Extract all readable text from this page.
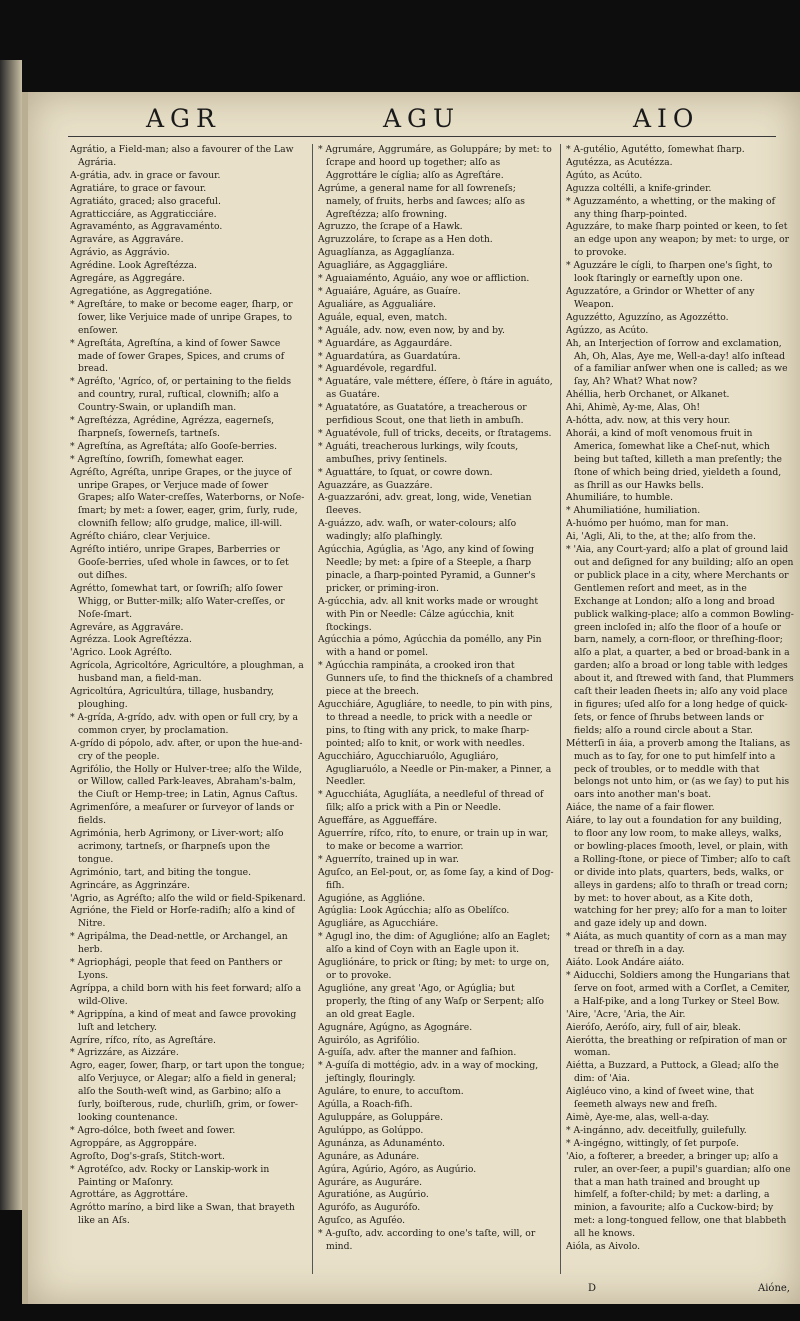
AGR	AGU	AIO

Agrátio, a Field-man; also a favourer of the Law Agrária.

A-grátia, adv. in grace or favour.

Agratiáre, to grace or favour.

Agratiáto, graced; also graceful.

Agratticciáre, as Aggraticciáre.

Agravaménto, as Aggravaménto.

Agraváre, as Aggraváre.

Agrávio, as Aggrávio.

Agrédine. Look Agreſtézza.

Agregáre, as Aggregáre.

Agregatióne, as Aggregatióne.

* Agreſtáre, to make or become eager, ſharp, or ſower, like Verjuice made of unripe Grapes, to enſower.

* Agreſtáta, Agreſtína, a kind of ſower Sawce made of ſower Grapes, Spices, and crums of bread.

* Agréſto, 'Agríco, of, or pertaining to the fields and country, rural, ruſtical, clowniſh; alſo a Country-Swain, or uplandiſh man.

* Agreſtézza, Agrédine, Agrézza, eagerneſs, ſharpneſs, ſowerneſs, tartneſs.

* Agreſtína, as Agreſtáta; alſo Gooſe-berries.

* Agreſtíno, ſowriſh, ſomewhat eager.

Agréſto, Agréſta, unripe Grapes, or the juyce of unripe Grapes, or Verjuce made of ſower Grapes; alſo Water-creſſes, Waterborns, or Noſe-ſmart; by met: a ſower, eager, grim, ſurly, rude, clowniſh fellow; alſo grudge, malice, ill-will.

Agréſto chiáro, clear Verjuice.

Agréſto intiéro, unripe Grapes, Barberries or Gooſe-berries, uſed whole in ſawces, or to ſet out diſhes.

Agrétto, ſomewhat tart, or ſowriſh; alſo ſower Whigg, or Butter-milk; alſo Water-creſſes, or Noſe-ſmart.

Agreváre, as Aggraváre.

Agrézza. Look Agreſtézza.

'Agrico. Look Agréſto.

Agrícola, Agricoltóre, Agricultóre, a ploughman, a husband man, a field-man.

Agricoltúra, Agricultúra, tillage, husbandry, ploughing.

* A-grída, A-grído, adv. with open or full cry, by a common cryer, by proclamation.

A-grído di pópolo, adv. after, or upon the hue-and-cry of the people.

Agrifólio, the Holly or Hulver-tree; alſo the Wilde, or Willow, called Park-leaves, Abraham's-balm, the Ciuſt or Hemp-tree; in Latin, Agnus Caſtus.

Agrimenſóre, a meaſurer or ſurveyor of lands or fields.

Agrimónia, herb Agrimony, or Liver-wort; alſo acrimony, tartneſs, or ſharpneſs upon the tongue.

Agrimónio, tart, and biting the tongue.

Agrincáre, as Aggrinzáre.

'Agrio, as Agréſto; alſo the wild or field-Spikenard.

Agrióne, the Field or Horſe-radiſh; alſo a kind of Nitre.

* Agripálma, the Dead-nettle, or Archangel, an herb.

* Agriophági, people that feed on Panthers or Lyons.

Agríppa, a child born with his feet forward; alſo a wild-Olive.

* Agrippína, a kind of meat and ſawce provoking luſt and letchery.

Agríre, rífco, ríto, as Agreſtáre.

* Agrizzáre, as Aizzáre.

Agro, eager, ſower, ſharp, or tart upon the tongue; alſo Verjuyce, or Alegar; alſo a field in general; alſo the South-weſt wind, as Garbino; alſo a ſurly, boiſterous, rude, churliſh, grim, or ſower-looking countenance.

* Agro-dólce, both ſweet and ſower.

Agroppáre, as Aggroppáre.

Agroſto, Dog's-graſs, Stitch-wort.

* Agrotéſco, adv. Rocky or Lanskip-work in Painting or Maſonry.

Agrottáre, as Aggrottáre.

Agrótto maríno, a bird like a Swan, that brayeth like an Aſs.

* Agrumáre, Aggrumáre, as Goluppáre; by met: to ſcrape and hoord up together; alſo as Aggrottáre le cíglia; alſo as Agreſtáre.

Agrúme, a general name for all ſowreneſs; namely, of fruits, herbs and ſawces; alſo as Agreſtézza; alſo frowning.

Agruzzo, the ſcrape of a Hawk.

Agruzzoláre, to ſcrape as a Hen doth.

Aguaglíanza, as Aggaglíanza.

Aguagliáre, as Aggaggliáre.

* Aguaiaménto, Aguáio, any woe or affliction.

* Aguaiáre, Aguáre, as Guaíre.

Agualiáre, as Aggualiáre.

Aguále, equal, even, match.

* Aguále, adv. now, even now, by and by.

* Aguardáre, as Aggaurdáre.

* Aguardatúra, as Guardatúra.

* Aguardévole, regardful.

* Aguatáre, vale méttere, éſſere, ò ſtáre in aguáto, as Guatáre.

* Aguatatóre, as Guatatóre, a treacherous or perfidious Scout, one that lieth in ambuſh.

* Aguatévole, full of tricks, deceits, or ſtratagems.

* Aguáti, treacherous lurkings, wily ſcouts, ambuſhes, privy ſentinels.

* Aguattáre, to ſquat, or cowre down.

Aguazzáre, as Guazzáre.

A-guazzaróni, adv. great, long, wide, Venetian ſleeves.

A-guázzo, adv. waſh, or water-colours; alſo wadingly; alſo plaſhingly.

Agúcchia, Agúglia, as 'Ago, any kind of ſowing Needle; by met: a ſpire of a Steeple, a ſharp pinacle, a ſharp-pointed Pyramid, a Gunner's pricker, or priming-iron.

A-gúcchia, adv. all knit works made or wrought with Pin or Needle: Cálze agúcchia, knit ſtockings.

Agúcchia a pómo, Agúcchia da poméllo, any Pin with a hand or pomel.

* Agúcchia rampináta, a crooked iron that Gunners uſe, to find the thickneſs of a chambred piece at the breech.

Agucchiáre, Agugliáre, to needle, to pin with pins, to thread a needle, to prick with a needle or pins, to ſting with any prick, to make ſharp-pointed; alſo to knit, or work with needles.

Agucchiáro, Agucchiaruólo, Agugliáro, Agugliaruólo, a Needle or Pin-maker, a Pinner, a Needler.

* Agucchiáta, Aguglíáta, a needleful of thread of ſilk; alſo a prick with a Pin or Needle.

Agueffáre, as Aggueffáre.

Aguerríre, rífco, ríto, to enure, or train up in war, to make or become a warrior.

* Aguerríto, trained up in war.

Aguſco, an Eel-pout, or, as ſome ſay, a kind of Dog-fiſh.

Agugióne, as Agglióne.

Agúglia: Look Agúcchia; alſo as Obelíſco.

Agugliáre, as Agucchiáre.

* Agugl ino, the dim: of Agugliόne; alſo an Eaglet; alſo a kind of Coyn with an Eagle upon it.

Agugliónáre, to prick or ſting; by met: to urge on, or to provoke.

Agugliόne, any great 'Ago, or Agúglia; but properly, the ſting of any Waſp or Serpent; alſo an old great Eagle.

Agugnáre, Agúgno, as Agognáre.

Aguirólo, as Agrifólio.

A-guíſa, adv. after the manner and faſhion.

* A-guíſa di mottégio, adv. in a way of mocking, jeſtingly, flouringly.

Aguláre, to enure, to accuſtom.

Agúlla, a Roach-fiſh.

Aguluppáre, as Goluppáre.

Agulúppo, as Golúppo.

Agunánza, as Adunaménto.

Agunáre, as Adunáre.

Agúra, Agúrio, Agóro, as Augúrio.

Aguráre, as Auguráre.

Aguratióne, as Augúrio.

Agurófo, as Augurófo.

Aguſco, as Aguſéo.

* A-guſto, adv. according to one's taſte, will, or mind.

* A-gutélio, Agutétto, ſomewhat ſharp.

Agutézza, as Acutézza.

Agúto, as Acúto.

Aguzza coltélli, a knife-grinder.

* Aguzzaménto, a whetting, or the making of any thing ſharp-pointed.

Aguzzáre, to make ſharp pointed or keen, to ſet an edge upon any weapon; by met: to urge, or to provoke.

* Aguzzáre le cígli, to ſharpen one's ſight, to look ſtaringly or earneſtly upon one.

Aguzzatóre, a Grindor or Whetter of any Weapon.

Aguzzétto, Aguzzíno, as Agozzétto.

Agúzzo, as Acúto.

Ah, an Interjection of ſorrow and exclamation, Ah, Oh, Alas, Aye me, Well-a-day! alſo inſtead of a familiar anſwer when one is called; as we ſay, Ah? What? What now?

Ahéllia, herb Orchanet, or Alkanet.

Ahi, Ahimè, Ay-me, Alas, Oh!

A-hótta, adv. now, at this very hour.

Ahorái, a kind of moſt venomous fruit in America, ſomewhat like a Cheſ-nut, which being but taſted, killeth a man preſently; the ſtone of which being dried, yieldeth a ſound, as ſhrill as our Hawks bells.

Ahumiliáre, to humble.

* Ahumiliatióne, humiliation.

A-huómo per huómo, man for man.

Ai, 'Agli, Ali, to the, at the; alſo from the.

* 'Aia, any Court-yard; alſo a plat of ground laid out and deſigned for any building; alſo an open or publick place in a city, where Merchants or Gentlemen reſort and meet, as in the Exchange at London; alſo a long and broad publick walking-place; alſo a common Bowling-green incloſed in; alſo the floor of a houſe or barn, namely, a corn-floor, or threſhing-floor; alſo a plat, a quarter, a bed or broad-bank in a garden; alſo a broad or long table with ledges about it, and ſtrewed with ſand, that Plummers caſt their leaden ſheets in; alſo any void place in figures; uſed alſo for a long hedge of quick-ſets, or fence of ſhrubs between lands or fields; alſo a round circle about a Star.

Métterſi in áia, a proverb among the Italians, as much as to ſay, for one to put himſelf into a peck of troubles, or to meddle with that belongs not unto him, or (as we ſay) to put his oars into another man's boat.

Aiáce, the name of a fair flower.

Aiáre, to lay out a foundation for any building, to floor any low room, to make alleys, walks, or bowling-places ſmooth, level, or plain, with a Rolling-ſtone, or piece of Timber; alſo to caſt or divide into plats, quarters, beds, walks, or alleys in gardens; alſo to thraſh or tread corn; by met: to hover about, as a Kite doth, watching for her prey; alſo for a man to loiter and gaze idely up and down.

* Aiáta, as much quantity of corn as a man may tread or threſh in a day.

Aiáto. Look Andáre aiáto.

* Aiducchi, Soldiers among the Hungarians that ſerve on foot, armed with a Corſlet, a Cemiter, a Half-pike, and a long Turkey or Steel Bow.

'Aire, 'Acre, 'Aria, the Air.

Aieróſo, Aeróſo, airy, full of air, bleak.

Aierótta, the breathing or reſpiration of man or woman.

Aiétta, a Buzzard, a Puttock, a Glead; alſo the dim: of 'Aia.

Aigléuco vino, a kind of ſweet wine, that ſeemeth always new and freſh.

Aimè, Aye-me, alas, well-a-day.

* A-ingánno, adv. deceitfully, guilefully.

* A-ingégno, wittingly, of ſet purpoſe.

'Aio, a foſterer, a breeder, a bringer up; alſo a ruler, an over-ſeer, a pupil's guardian; alſo one that a man hath trained and brought up himſelf, a foſter-child; by met: a darling, a minion, a favourite; alſo a Cuckow-bird; by met: a long-tongued fellow, one that blabbeth all he knows.

Aióla, as Aivolo.

D	Aióne,
